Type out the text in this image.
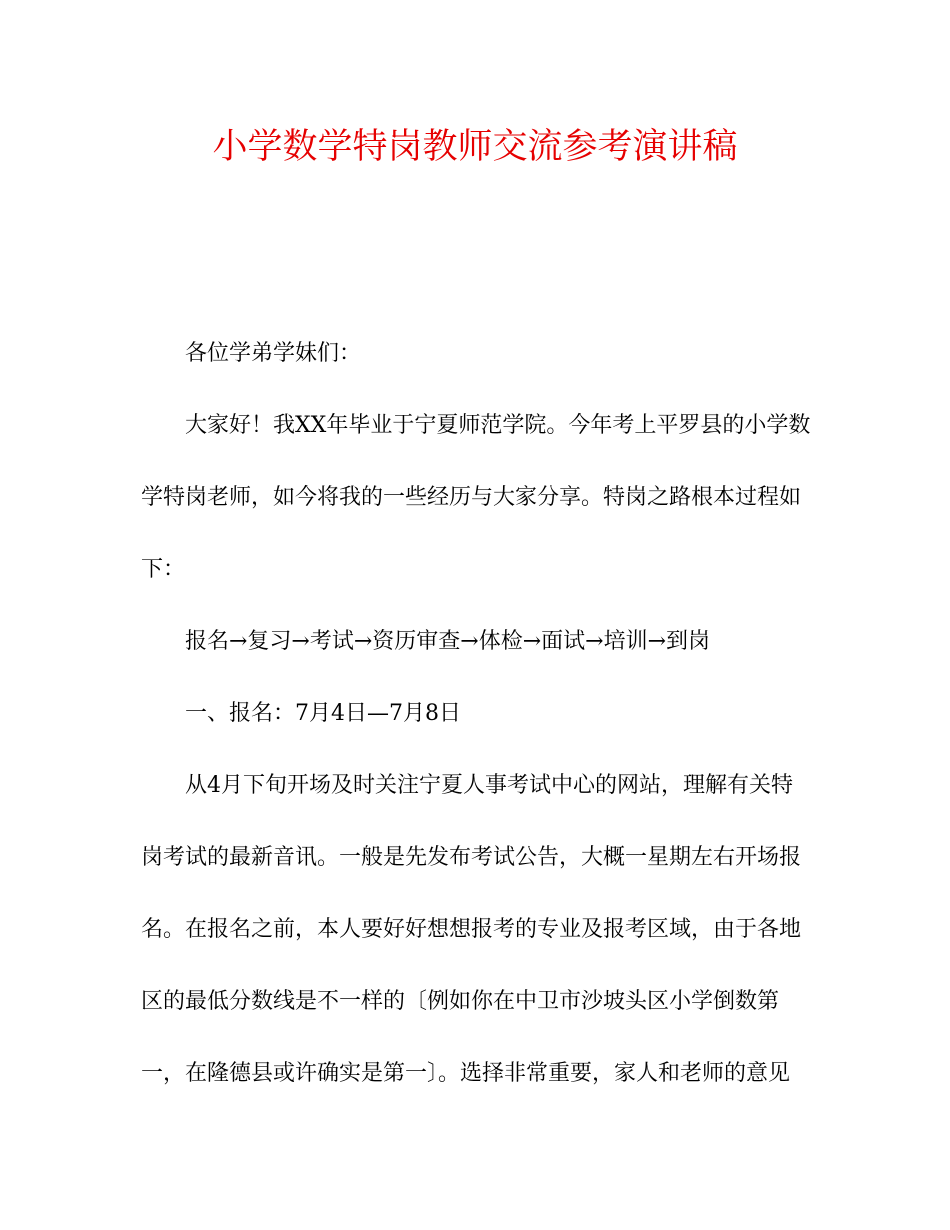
小学数学特岗教师交流参考演讲稿

各位学弟学妹们：

大家好！我XX年毕业于宁夏师范学院。今年考上平罗县的小学数学特岗老师，如今将我的一些经历与大家分享。特岗之路根本过程如下：

报名→复习→考试→资历审查→体检→面试→培训→到岗

一、报名：7月4日—7月8日

从4月下旬开场及时关注宁夏人事考试中心的网站，理解有关特岗考试的最新音讯。一般是先发布考试公告，大概一星期左右开场报名。在报名之前，本人要好好想想报考的专业及报考区域，由于各地区的最低分数线是不一样的〔例如你在中卫市沙坡头区小学倒数第一，在隆德县或许确实是第一〕。选择非常重要，家人和老师的意见
